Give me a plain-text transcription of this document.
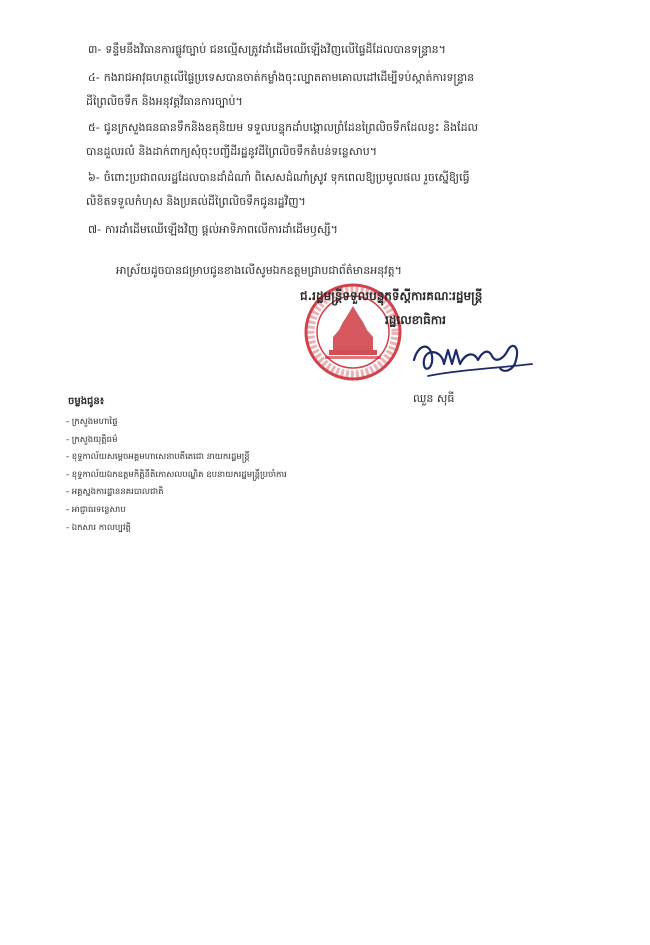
៣- ទន្ទឹមនឹងវិធានការផ្លូវច្បាប់ ជនល្មើសត្រូវដាំដើមឈើឡើងវិញលើផ្ទៃដីដែលបានទន្ទ្រាន។
៤- កងរាជអាវុធហត្ថលើផ្ទៃប្រទេសបានចាត់កម្លាំងចុះល្បាតតាមគោលដៅដើម្បីទប់ស្កាត់ការទន្ទ្រាន
ដីព្រៃលិចទឹក និងអនុវត្តវិធានការច្បាប់។
៥- ជូនក្រសួងធនធានទឹកនិងឧតុនិយម ទទួលបន្ទុកដាំបង្គោលព្រំដែនព្រៃលិចទឹកដែលខ្វះ និងដែល
បានដួលរលំ និងដាក់ពាក្យសុំចុះបញ្ជីដីរដ្ឋនូវដីព្រៃលិចទឹកតំបន់ទន្លេសាប។
៦- ចំពោះប្រជាពលរដ្ឋដែលបានដាំដំណាំ ពិសេសដំណាំស្រូវ ទុកពេលឱ្យប្រមូលផល រួចស្នើឱ្យធ្វើ
លិខិតទទួលកំហុស និងប្រគល់ដីព្រៃលិចទឹកជូនរដ្ឋវិញ។
៧- ការដាំដើមឈើឡើងវិញ ផ្តល់អាទិភាពលើការដាំដើមឫស្សី។
អាស្រ័យដូចបានជម្រាបជូនខាងលើសូមឯកឧត្តមជ្រាបជាព័ត៌មានអនុវត្ត។
ជ.រដ្ឋមន្ត្រីទទួលបន្ទុកទីស្តីការគណៈរដ្ឋមន្ត្រី
រដ្ឋលេខាធិការ
ឈួន សុធី
ចម្លងជូន៖
- ក្រសួងមហាផ្ទៃ
- ក្រសួងយុត្តិធម៌
- ខុទ្ទកាល័យសម្តេចអគ្គមហាសេនាបតីតេជោ នាយករដ្ឋមន្ត្រី
- ខុទ្ទកាល័យឯកឧត្តមកិត្តិនីតិកោសលបណ្ឌិត ឧបនាយករដ្ឋមន្ត្រីប្រចាំការ
- អគ្គស្នងការដ្ឋាននគរបាលជាតិ
- អាជ្ញាធរទន្លេសាប
- ឯកសារ កាលប្បវត្តិ
